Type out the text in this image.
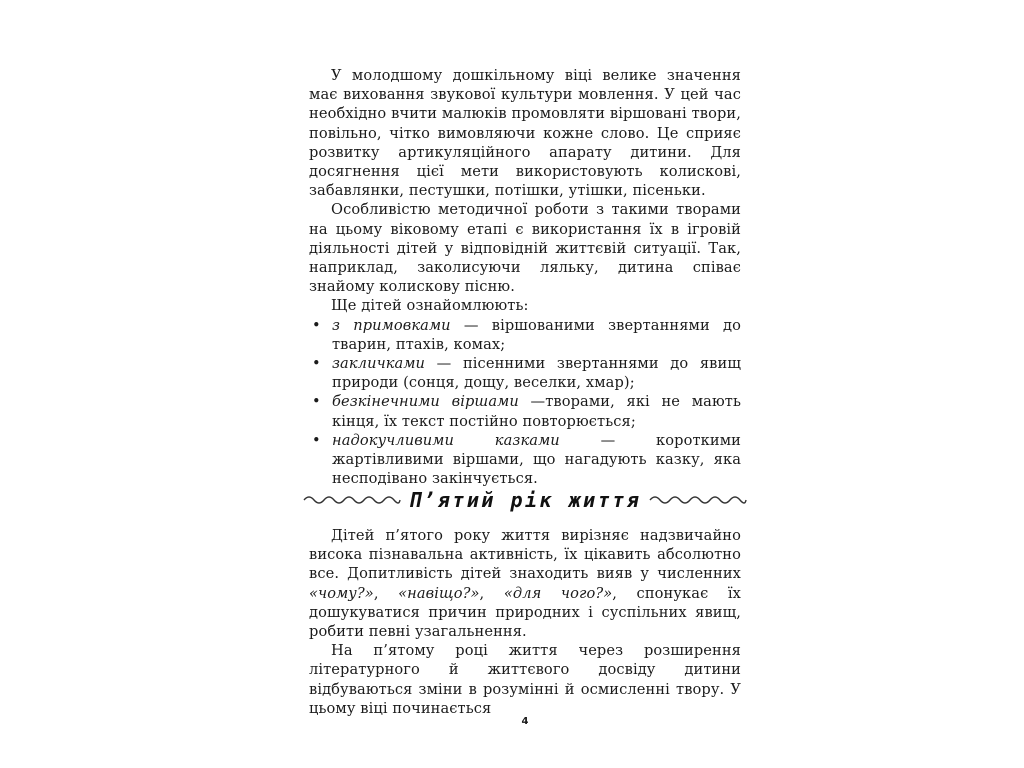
У молодшому дошкільному віці велике значення має виховання звукової культури мовлення. У цей час необхідно вчити малюків промовляти віршовані твори, повільно, чітко вимовляючи кожне слово. Це сприяє розвитку артикуляційного апарату дитини. Для досягнення цієї мети використовують колискові, забавлянки, пестушки, потішки, утішки, пісеньки.

Особливістю методичної роботи з такими творами на цьому віковому етапі є використання їх в ігровій діяльності дітей у відповідній життєвій ситуації. Так, наприклад, заколисуючи ляльку, дитина співає знайому колискову пісню.

Ще дітей ознайомлюють:

• з примовками — віршованими звертаннями до тварин, птахів, комах;
• закличками — пісенними звертаннями до явищ природи (сонця, дощу, веселки, хмар);
• безкінечними віршами —творами, які не мають кінця, їх текст постійно повторюється;
• надокучливими казками — короткими жартівливими віршами, що нагадують казку, яка несподівано закінчується.
П’ятий рік життя

Дітей п’ятого року життя вирізняє надзвичайно висока пізнавальна активність, їх цікавить абсолютно все. Допитливість дітей знаходить вияв у численних «чому?», «навіщо?», «для чого?», спонукає їх дошукуватися причин природних і суспільних явищ, робити певні узагальнення.

На п’ятому році життя через розширення літературного й життєвого досвіду дитини відбуваються зміни в розумінні й осмисленні твору. У цьому віці починається

4
